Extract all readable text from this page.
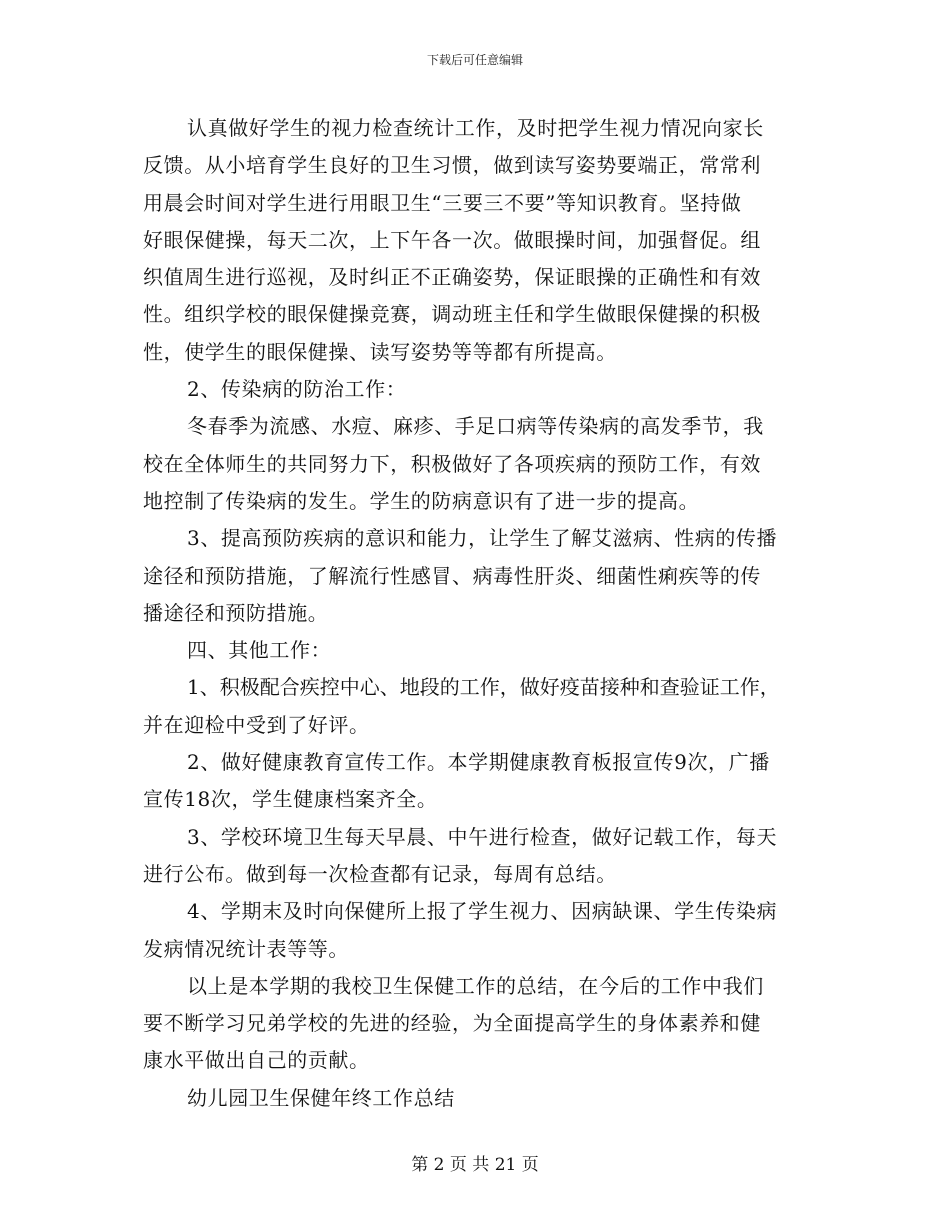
下载后可任意编辑
认真做好学生的视力检查统计工作，及时把学生视力情况向家长
反馈。从小培育学生良好的卫生习惯，做到读写姿势要端正，常常利
用晨会时间对学生进行用眼卫生“三要三不要”等知识教育。坚持做
好眼保健操，每天二次，上下午各一次。做眼操时间，加强督促。组
织值周生进行巡视，及时纠正不正确姿势，保证眼操的正确性和有效
性。组织学校的眼保健操竞赛，调动班主任和学生做眼保健操的积极
性，使学生的眼保健操、读写姿势等等都有所提高。
2、传染病的防治工作：
冬春季为流感、水痘、麻疹、手足口病等传染病的高发季节，我
校在全体师生的共同努力下，积极做好了各项疾病的预防工作，有效
地控制了传染病的发生。学生的防病意识有了进一步的提高。
3、提高预防疾病的意识和能力，让学生了解艾滋病、性病的传播
途径和预防措施，了解流行性感冒、病毒性肝炎、细菌性痢疾等的传
播途径和预防措施。
四、其他工作：
1、积极配合疾控中心、地段的工作，做好疫苗接种和查验证工作，
并在迎检中受到了好评。
2、做好健康教育宣传工作。本学期健康教育板报宣传9次，广播
宣传18次，学生健康档案齐全。
3、学校环境卫生每天早晨、中午进行检查，做好记载工作，每天
进行公布。做到每一次检查都有记录，每周有总结。
4、学期末及时向保健所上报了学生视力、因病缺课、学生传染病
发病情况统计表等等。
以上是本学期的我校卫生保健工作的总结，在今后的工作中我们
要不断学习兄弟学校的先进的经验，为全面提高学生的身体素养和健
康水平做出自己的贡献。
幼儿园卫生保健年终工作总结
第 2 页 共 21 页
